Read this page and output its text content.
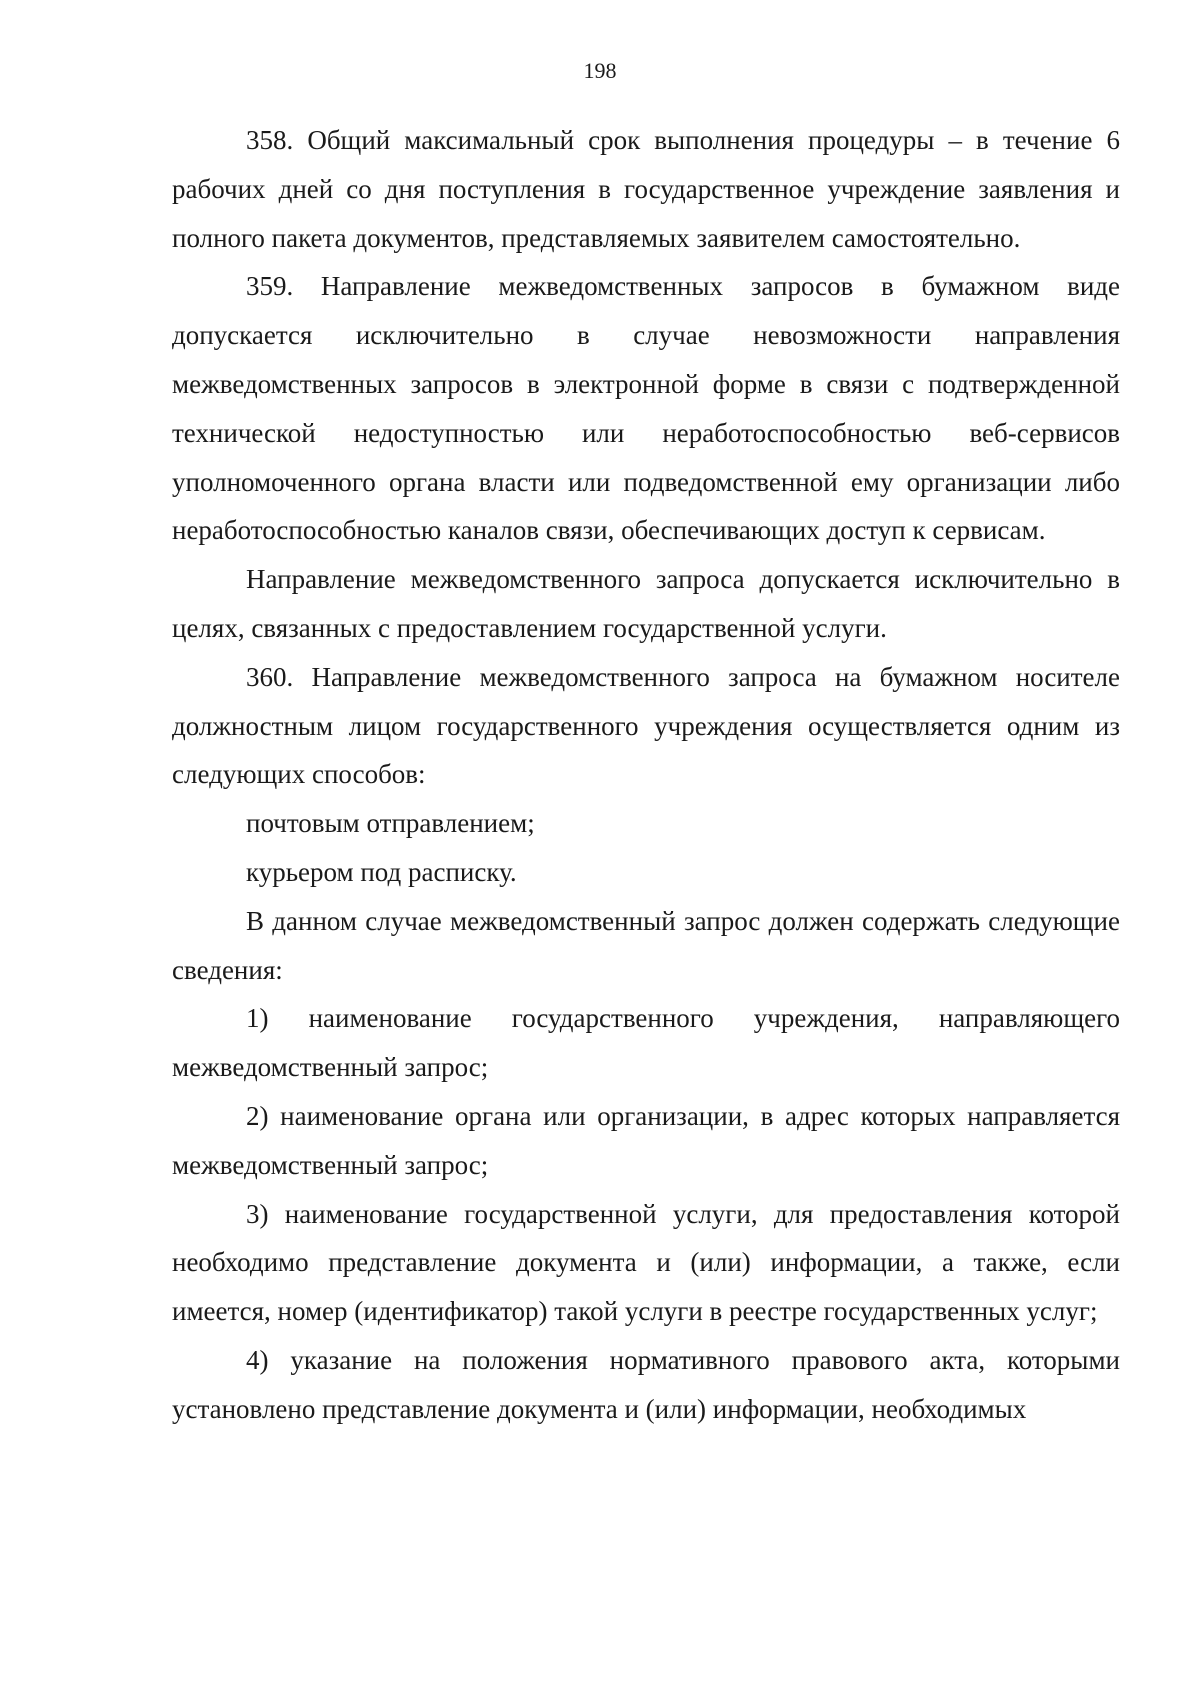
198

358. Общий максимальный срок выполнения процедуры – в течение 6 рабочих дней со дня поступления в государственное учреждение заявления и полного пакета документов, представляемых заявителем самостоятельно.

359. Направление межведомственных запросов в бумажном виде допускается исключительно в случае невозможности направления межведомственных запросов в электронной форме в связи с подтвержденной технической недоступностью или неработоспособностью веб-сервисов уполномоченного органа власти или подведомственной ему организации либо неработоспособностью каналов связи, обеспечивающих доступ к сервисам.

Направление межведомственного запроса допускается исключительно в целях, связанных с предоставлением государственной услуги.

360. Направление межведомственного запроса на бумажном носителе должностным лицом государственного учреждения осуществляется одним из следующих способов:

почтовым отправлением;

курьером под расписку.

В данном случае межведомственный запрос должен содержать следующие сведения:

1) наименование государственного учреждения, направляющего межведомственный запрос;

2) наименование органа или организации, в адрес которых направляется межведомственный запрос;

3) наименование государственной услуги, для предоставления которой необходимо представление документа и (или) информации, а также, если имеется, номер (идентификатор) такой услуги в реестре государственных услуг;

4) указание на положения нормативного правового акта, которыми установлено представление документа и (или) информации, необходимых
